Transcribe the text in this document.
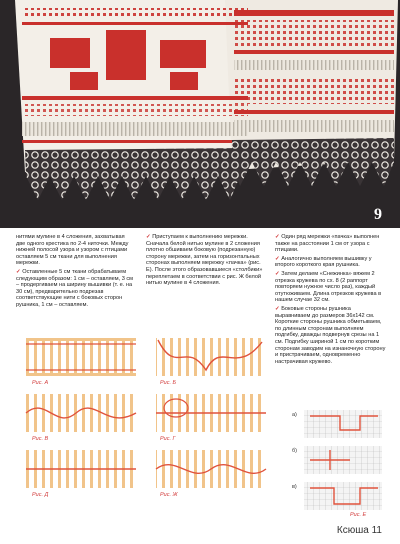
9

нитями мулине в 4 сложения, захватывая две одного крестика по 2-4 ниточки. Между нижней полосой узора и узором с птицами оставляем 5 см ткани для выполнения мережки.

✓ Оставленные 5 см ткани обрабатываем следующим образом: 1 см – оставляем, 3 см – продергиваем на ширину вышивки (т. е. на 30 см), предварительно подрезав соответствующие нити с боковых сторон рушника, 1 см – оставляем.

✓ Приступаем к выполнению мережки. Сначала белой нитью мулине в 2 сложения плотно обшиваем боковую (подрезанную) сторону мережки, затем на горизонтальных сторонах выполняем мережку «пачка» (рис. Е). После этого образовавшиеся «столбики» переплетаем в соответствии с рис. Ж белой нитью мулине в 4 сложения.

✓ Один ряд мережки «пачка» выполнен также на расстоянии 1 см от узора с птицами.

✓ Аналогично выполняем вышивку у второго короткого края рушника.

✓ Затем делаем «Снежинка» вяжем 2 отрезка кружева по сх. 8 (2 раппорт повторяем нужное число раз), каждый отутюживаем. Длина отрезков кружева в нашем случае 32 см.

✓ Боковые стороны рушника выравниваем до размеров 36х142 см. Короткие стороны рушника обметываем, по длинным сторонам выполняем подгибку, дважды подвернув срезы на 1 см. Подгибку шириной 1 см по коротким сторонам заводим на изнаночную сторону и пристрачиваем, одновременно настрачивая кружево.

Рис. А	Рис. Б
Рис. В	Рис. Г
Рис. Д	Рис. Ж
а)
б)
в)
Рис. Е
Ксюша 11
